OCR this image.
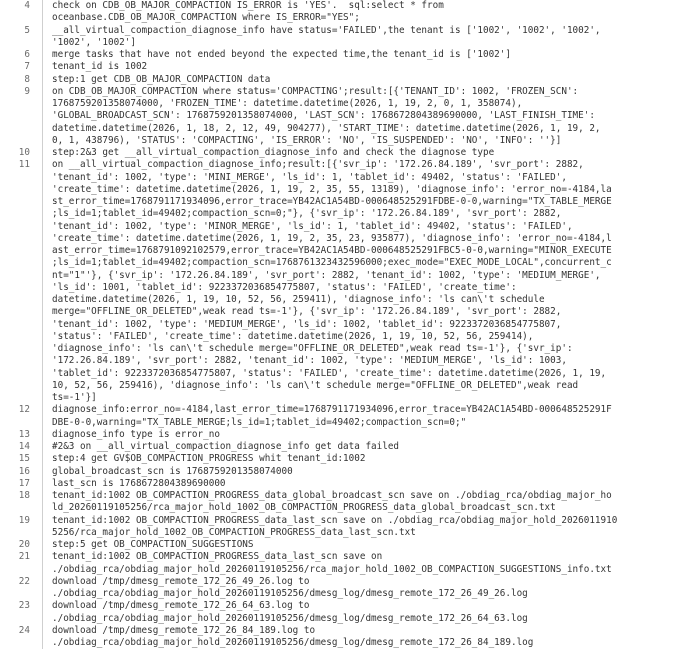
4 check on CDB_OB_MAJOR_COMPACTION IS_ERROR is 'YES'.  sql:select * from
oceanbase.CDB_OB_MAJOR_COMPACTION where IS_ERROR="YES";
5 __all_virtual_compaction_diagnose_info have status='FAILED',the tenant is ['1002', '1002', '1002',
'1002', '1002']
6 merge tasks that have not ended beyond the expected time,the tenant_id is ['1002']
7 tenant_id is 1002
8 step:1 get CDB_OB_MAJOR_COMPACTION data
9 on CDB_OB_MAJOR_COMPACTION where status='COMPACTING';result:[{'TENANT_ID': 1002, 'FROZEN_SCN':
1768759201358074000, 'FROZEN_TIME': datetime.datetime(2026, 1, 19, 2, 0, 1, 358074),
'GLOBAL_BROADCAST_SCN': 1768759201358074000, 'LAST_SCN': 1768672804389690000, 'LAST_FINISH_TIME':
datetime.datetime(2026, 1, 18, 2, 12, 49, 904277), 'START_TIME': datetime.datetime(2026, 1, 19, 2,
0, 1, 438796), 'STATUS': 'COMPACTING', 'IS_ERROR': 'NO', 'IS_SUSPENDED': 'NO', 'INFO': ''}]
10 step:2&3 get __all_virtual_compaction_diagnose_info and check the diagnose type
11 on __all_virtual_compaction_diagnose_info;result:[{'svr_ip': '172.26.84.189', 'svr_port': 2882,
'tenant_id': 1002, 'type': 'MINI_MERGE', 'ls_id': 1, 'tablet_id': 49402, 'status': 'FAILED',
'create_time': datetime.datetime(2026, 1, 19, 2, 35, 55, 13189), 'diagnose_info': 'error_no=-4184,la
st_error_time=1768791171934096,error_trace=YB42AC1A54BD-000648525291FDBE-0-0,warning="TX_TABLE_MERGE
;ls_id=1;tablet_id=49402;compaction_scn=0;"}, {'svr_ip': '172.26.84.189', 'svr_port': 2882,
'tenant_id': 1002, 'type': 'MINOR_MERGE', 'ls_id': 1, 'tablet_id': 49402, 'status': 'FAILED',
'create_time': datetime.datetime(2026, 1, 19, 2, 35, 23, 935877), 'diagnose_info': 'error_no=-4184,l
ast_error_time=1768791092102579,error_trace=YB42AC1A54BD-000648525291FBC5-0-0,warning="MINOR_EXECUTE
;ls_id=1;tablet_id=49402;compaction_scn=1768761323432596000;exec_mode="EXEC_MODE_LOCAL",concurrent_c
nt="1"'}, {'svr_ip': '172.26.84.189', 'svr_port': 2882, 'tenant_id': 1002, 'type': 'MEDIUM_MERGE',
'ls_id': 1001, 'tablet_id': 9223372036854775807, 'status': 'FAILED', 'create_time':
datetime.datetime(2026, 1, 19, 10, 52, 56, 259411), 'diagnose_info': 'ls can\'t schedule
merge="OFFLINE_OR_DELETED",weak read ts=-1'}, {'svr_ip': '172.26.84.189', 'svr_port': 2882,
'tenant_id': 1002, 'type': 'MEDIUM_MERGE', 'ls_id': 1002, 'tablet_id': 9223372036854775807,
'status': 'FAILED', 'create_time': datetime.datetime(2026, 1, 19, 10, 52, 56, 259414),
'diagnose_info': 'ls can\'t schedule merge="OFFLINE_OR_DELETED",weak read ts=-1'}, {'svr_ip':
'172.26.84.189', 'svr_port': 2882, 'tenant_id': 1002, 'type': 'MEDIUM_MERGE', 'ls_id': 1003,
'tablet_id': 9223372036854775807, 'status': 'FAILED', 'create_time': datetime.datetime(2026, 1, 19,
10, 52, 56, 259416), 'diagnose_info': 'ls can\'t schedule merge="OFFLINE_OR_DELETED",weak read
ts=-1'}]
12 diagnose_info:error_no=-4184,last_error_time=1768791171934096,error_trace=YB42AC1A54BD-000648525291F
DBE-0-0,warning="TX_TABLE_MERGE;ls_id=1;tablet_id=49402;compaction_scn=0;"
13 diagnose_info type is error_no
14 #2&3 on __all_virtual_compaction_diagnose_info get data failed
15 step:4 get GV$OB_COMPACTION_PROGRESS whit tenant_id:1002
16 global_broadcast_scn is 1768759201358074000
17 last_scn is 1768672804389690000
18 tenant_id:1002 OB_COMPACTION_PROGRESS_data_global_broadcast_scn save on ./obdiag_rca/obdiag_major_ho
ld_20260119105256/rca_major_hold_1002_OB_COMPACTION_PROGRESS_data_global_broadcast_scn.txt
19 tenant_id:1002 OB_COMPACTION_PROGRESS_data_last_scn save on ./obdiag_rca/obdiag_major_hold_2026011910
5256/rca_major_hold_1002_OB_COMPACTION_PROGRESS_data_last_scn.txt
20 step:5 get OB_COMPACTION_SUGGESTIONS
21 tenant_id:1002 OB_COMPACTION_PROGRESS_data_last_scn save on
./obdiag_rca/obdiag_major_hold_20260119105256/rca_major_hold_1002_OB_COMPACTION_SUGGESTIONS_info.txt
22 download /tmp/dmesg_remote_172_26_49_26.log to
./obdiag_rca/obdiag_major_hold_20260119105256/dmesg_log/dmesg_remote_172_26_49_26.log
23 download /tmp/dmesg_remote_172_26_64_63.log to
./obdiag_rca/obdiag_major_hold_20260119105256/dmesg_log/dmesg_remote_172_26_64_63.log
24 download /tmp/dmesg_remote_172_26_84_189.log to
./obdiag_rca/obdiag_major_hold_20260119105256/dmesg_log/dmesg_remote_172_26_84_189.log
